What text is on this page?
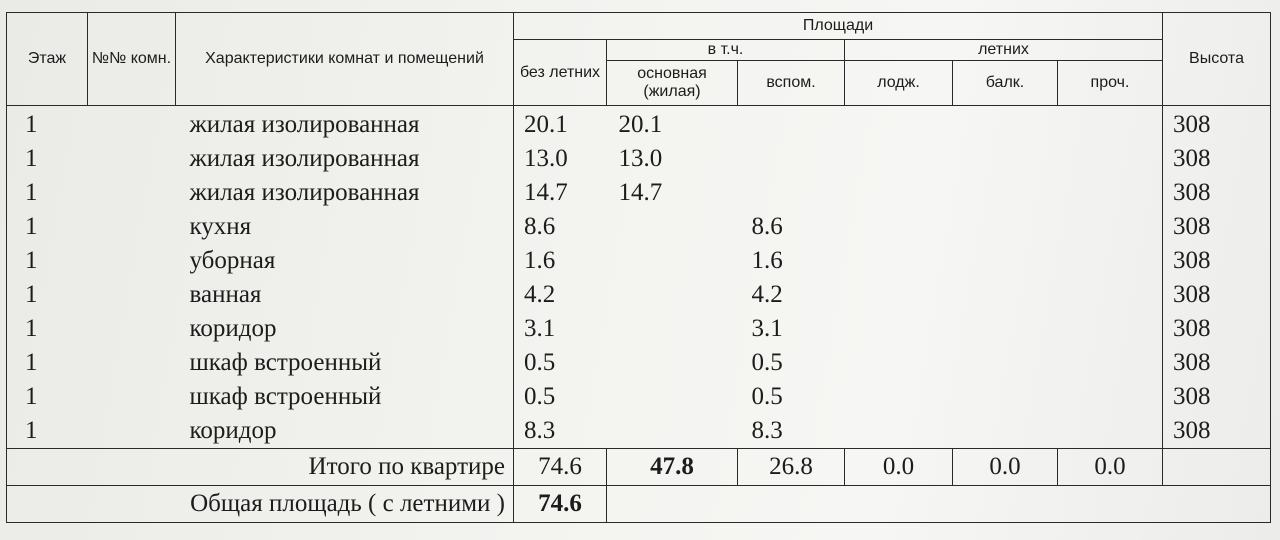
Этаж	№№ комн.	Характеристики комнат и помещений	Площади						Высота
			без летних	в т.ч.		летних			
				основная (жилая)	вспом.	лодж.	балк.	проч.	
1		жилая изолированная	20.1	20.1					308
1		жилая изолированная	13.0	13.0					308
1		жилая изолированная	14.7	14.7					308
1		кухня	8.6		8.6				308
1		уборная	1.6		1.6				308
1		ванная	4.2		4.2				308
1		коридор	3.1		3.1				308
1		шкаф встроенный	0.5		0.5				308
1		шкаф встроенный	0.5		0.5				308
1		коридор	8.3		8.3				308
Итого по квартире			74.6	47.8	26.8	0.0	0.0	0.0	
Общая площадь ( с летними )			74.6						
